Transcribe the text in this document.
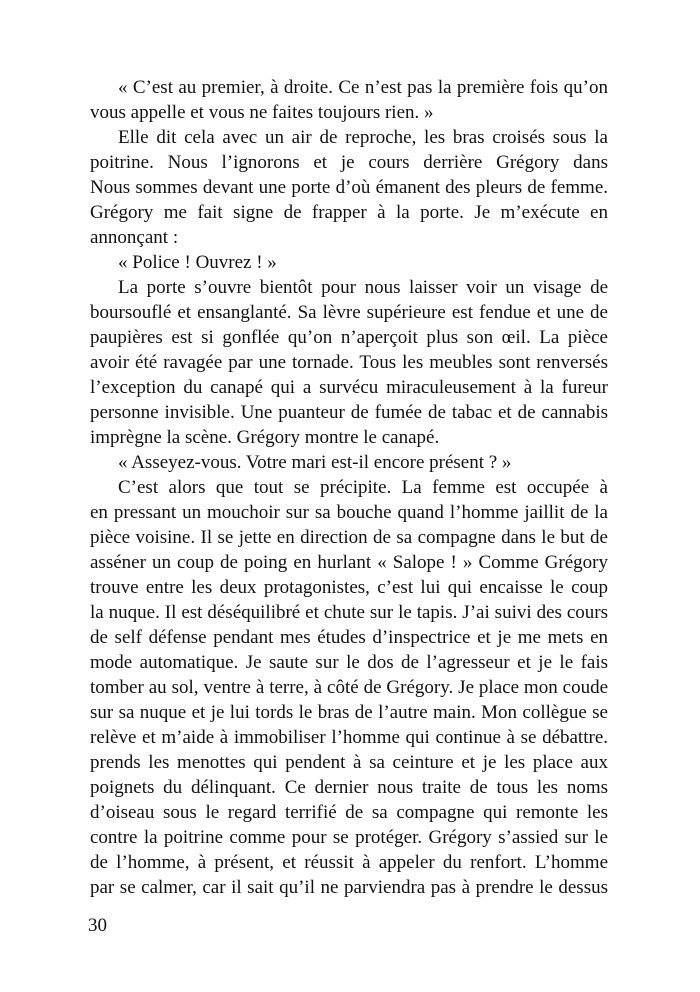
« C’est au premier, à droite. Ce n’est pas la première fois qu’on
vous appelle et vous ne faites toujours rien. »
Elle dit cela avec un air de reproche, les bras croisés sous la
poitrine. Nous l’ignorons et je cours derrière Grégory dans
Nous sommes devant une porte d’où émanent des pleurs de femme.
Grégory me fait signe de frapper à la porte. Je m’exécute en
annonçant :
« Police ! Ouvrez ! »
La porte s’ouvre bientôt pour nous laisser voir un visage de
boursouflé et ensanglanté. Sa lèvre supérieure est fendue et une de
paupières est si gonflée qu’on n’aperçoit plus son œil. La pièce
avoir été ravagée par une tornade. Tous les meubles sont renversés
l’exception du canapé qui a survécu miraculeusement à la fureur
personne invisible. Une puanteur de fumée de tabac et de cannabis
imprègne la scène. Grégory montre le canapé.
« Asseyez-vous. Votre mari est-il encore présent ? »
C’est alors que tout se précipite. La femme est occupée à
en pressant un mouchoir sur sa bouche quand l’homme jaillit de la
pièce voisine. Il se jette en direction de sa compagne dans le but de
asséner un coup de poing en hurlant « Salope ! » Comme Grégory
trouve entre les deux protagonistes, c’est lui qui encaisse le coup
la nuque. Il est déséquilibré et chute sur le tapis. J’ai suivi des cours
de self défense pendant mes études d’inspectrice et je me mets en
mode automatique. Je saute sur le dos de l’agresseur et je le fais
tomber au sol, ventre à terre, à côté de Grégory. Je place mon coude
sur sa nuque et je lui tords le bras de l’autre main. Mon collègue se
relève et m’aide à immobiliser l’homme qui continue à se débattre.
prends les menottes qui pendent à sa ceinture et je les place aux
poignets du délinquant. Ce dernier nous traite de tous les noms
d’oiseau sous le regard terrifié de sa compagne qui remonte les
contre la poitrine comme pour se protéger. Grégory s’assied sur le
de l’homme, à présent, et réussit à appeler du renfort. L’homme
par se calmer, car il sait qu’il ne parviendra pas à prendre le dessus
30
